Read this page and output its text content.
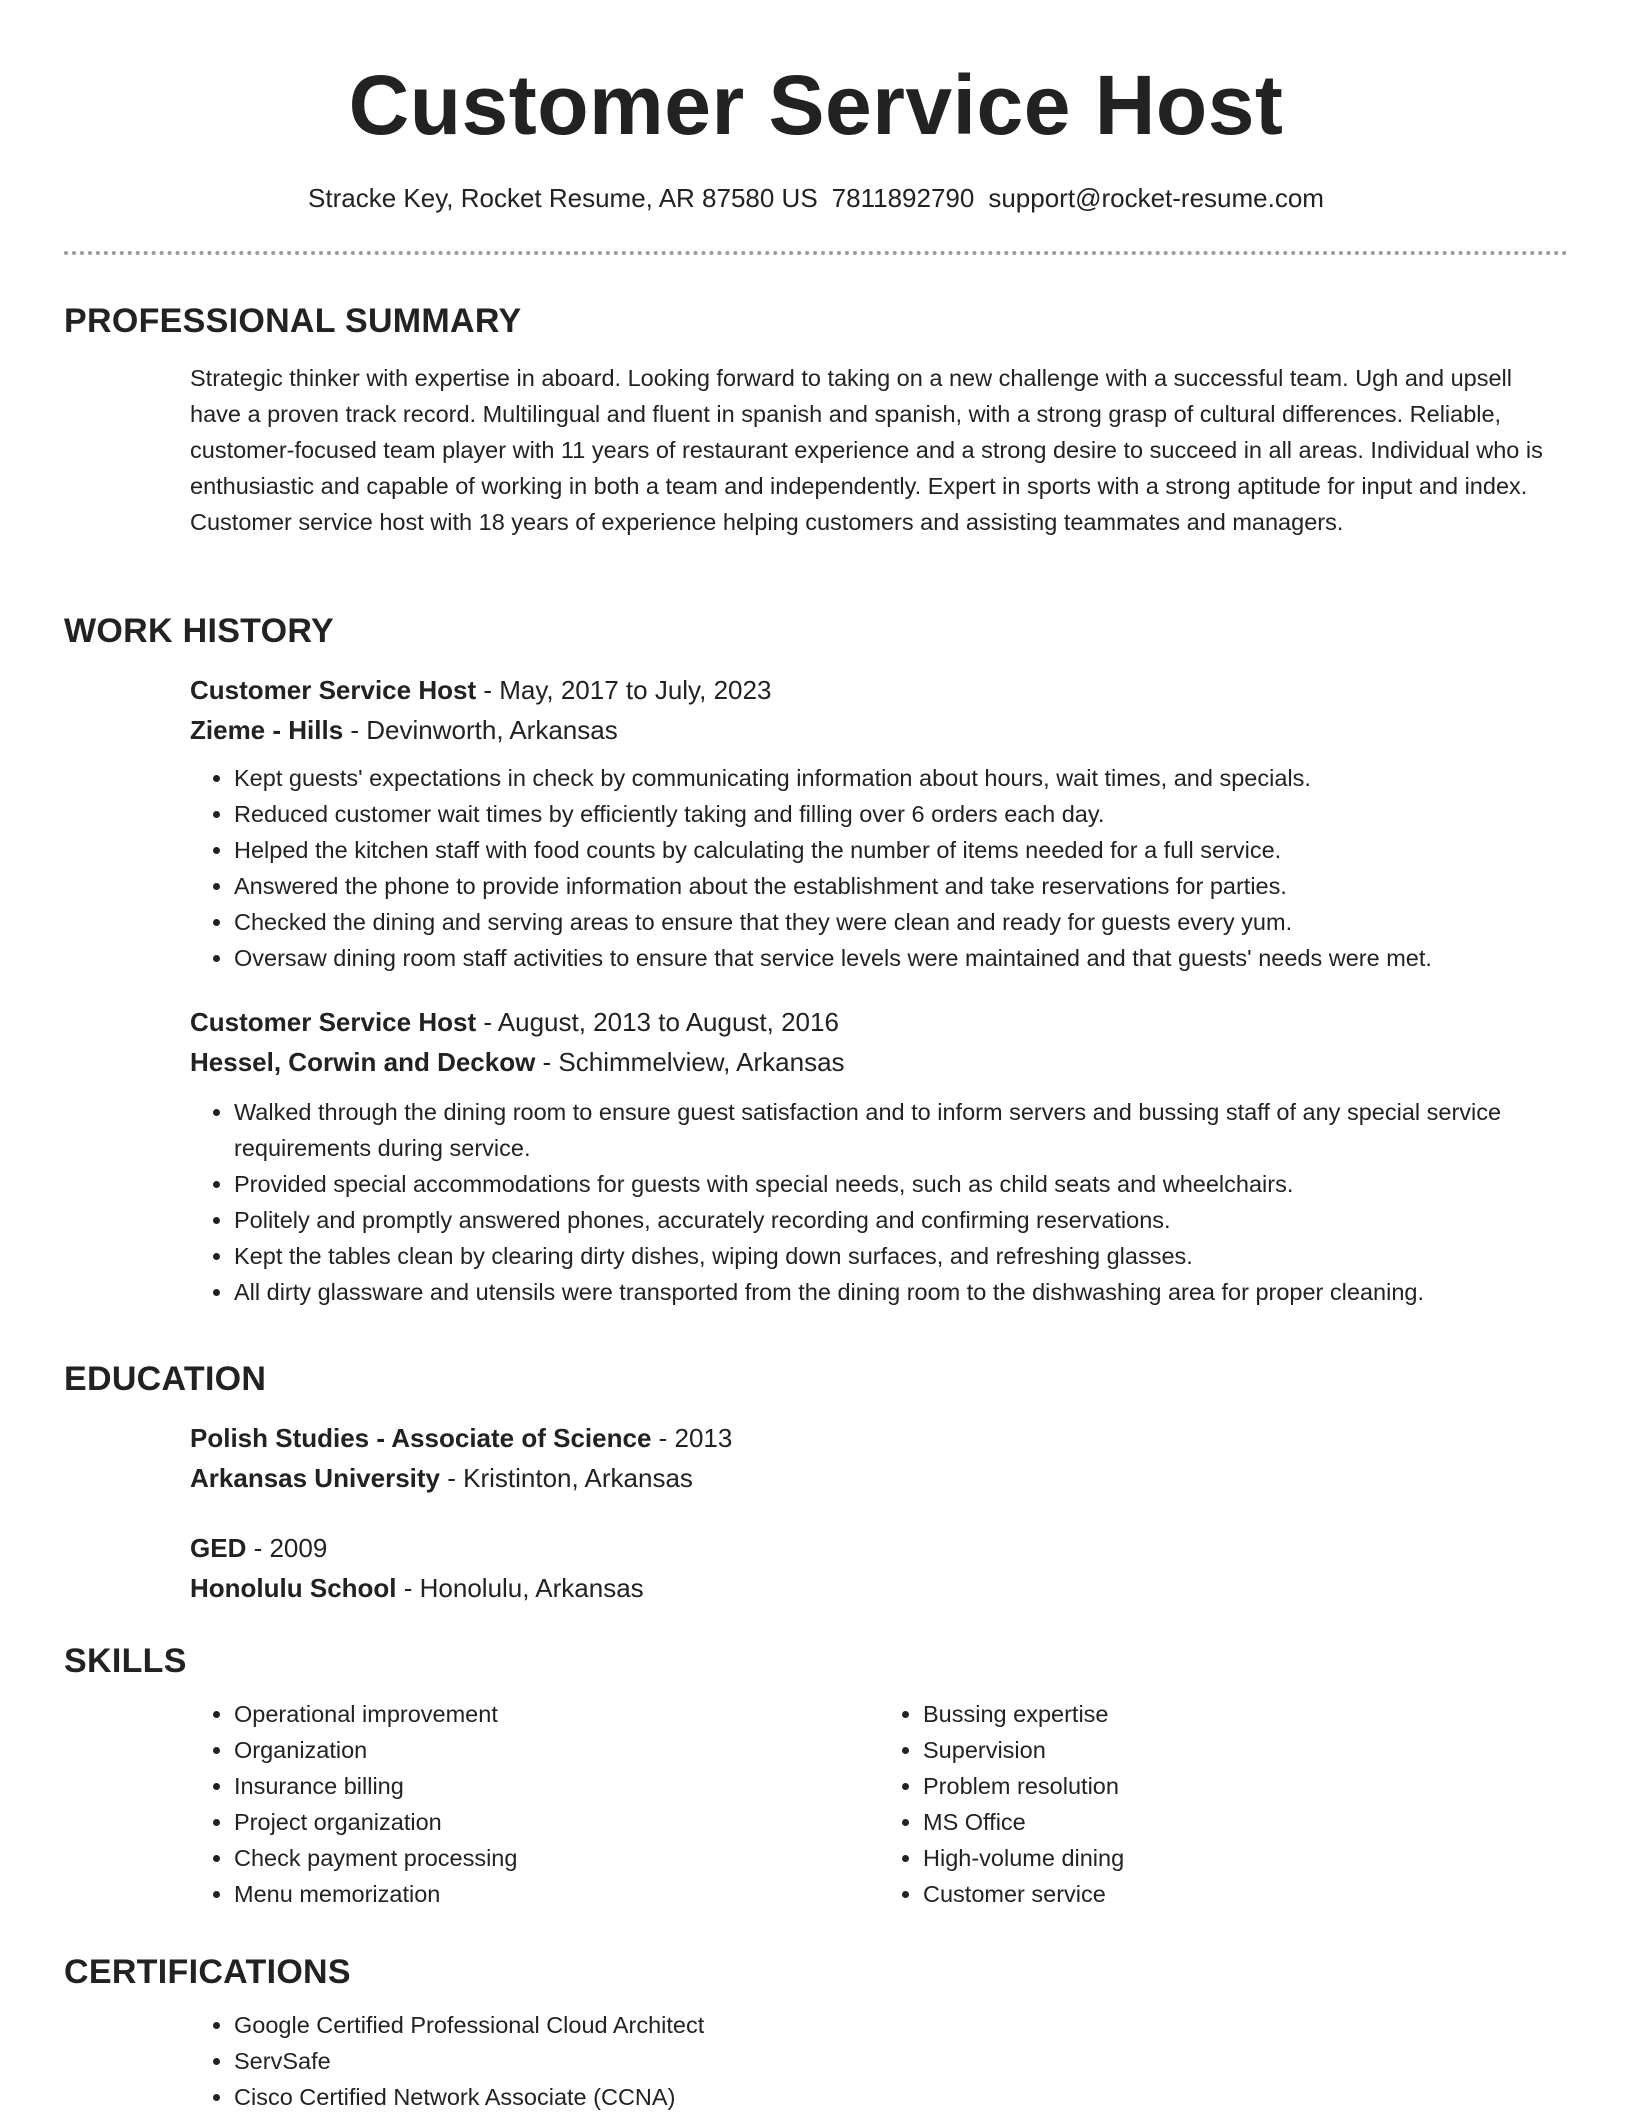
Customer Service Host
Stracke Key, Rocket Resume, AR 87580 US 7811892790 support@rocket-resume.com
PROFESSIONAL SUMMARY

Strategic thinker with expertise in aboard. Looking forward to taking on a new challenge with a successful team. Ugh and upsell have a proven track record. Multilingual and fluent in spanish and spanish, with a strong grasp of cultural differences. Reliable, customer-focused team player with 11 years of restaurant experience and a strong desire to succeed in all areas. Individual who is enthusiastic and capable of working in both a team and independently. Expert in sports with a strong aptitude for input and index. Customer service host with 18 years of experience helping customers and assisting teammates and managers.

WORK HISTORY

Customer Service Host - May, 2017 to July, 2023

Zieme - Hills - Devinworth, Arkansas

• Kept guests' expectations in check by communicating information about hours, wait times, and specials.
• Reduced customer wait times by efficiently taking and filling over 6 orders each day.
• Helped the kitchen staff with food counts by calculating the number of items needed for a full service.
• Answered the phone to provide information about the establishment and take reservations for parties.
• Checked the dining and serving areas to ensure that they were clean and ready for guests every yum.
• Oversaw dining room staff activities to ensure that service levels were maintained and that guests' needs were met.

Customer Service Host - August, 2013 to August, 2016

Hessel, Corwin and Deckow - Schimmelview, Arkansas

• Walked through the dining room to ensure guest satisfaction and to inform servers and bussing staff of any special service requirements during service.
• Provided special accommodations for guests with special needs, such as child seats and wheelchairs.
• Politely and promptly answered phones, accurately recording and confirming reservations.
• Kept the tables clean by clearing dirty dishes, wiping down surfaces, and refreshing glasses.
• All dirty glassware and utensils were transported from the dining room to the dishwashing area for proper cleaning.
EDUCATION

Polish Studies - Associate of Science - 2013

Arkansas University - Kristinton, Arkansas

GED - 2009

Honolulu School - Honolulu, Arkansas

SKILLS
• Operational improvement
• Organization
• Insurance billing
• Project organization
• Check payment processing
• Menu memorization
• Bussing expertise
• Supervision
• Problem resolution
• MS Office
• High-volume dining
• Customer service
CERTIFICATIONS
• Google Certified Professional Cloud Architect
• ServSafe
• Cisco Certified Network Associate (CCNA)
